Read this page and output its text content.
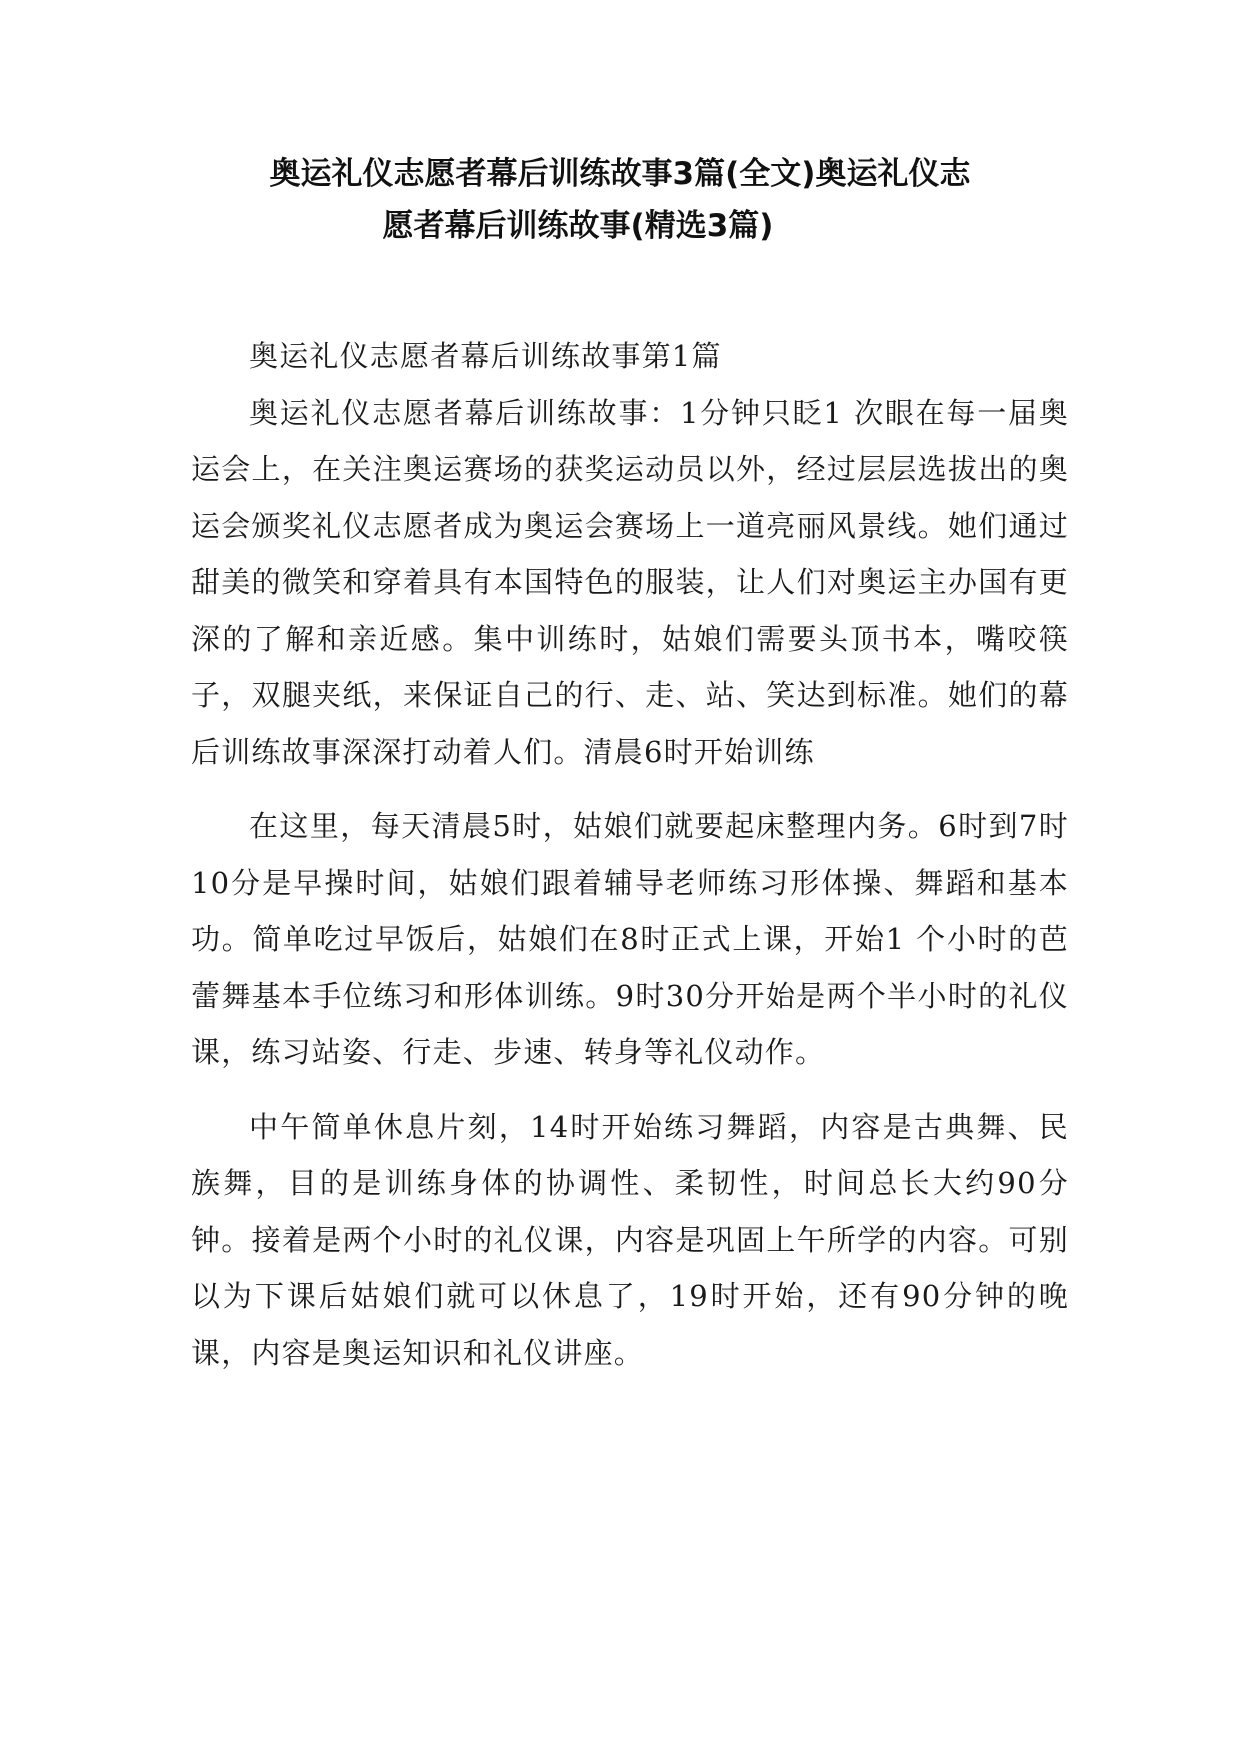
奥运礼仪志愿者幕后训练故事3篇(全文)奥运礼仪志
愿者幕后训练故事(精选3篇)

奥运礼仪志愿者幕后训练故事第1篇

奥运礼仪志愿者幕后训练故事：1分钟只眨1 次眼在每一届奥运会上，在关注奥运赛场的获奖运动员以外，经过层层选拔出的奥运会颁奖礼仪志愿者成为奥运会赛场上一道亮丽风景线。她们通过甜美的微笑和穿着具有本国特色的服装，让人们对奥运主办国有更深的了解和亲近感。集中训练时，姑娘们需要头顶书本，嘴咬筷子，双腿夹纸，来保证自己的行、走、站、笑达到标准。她们的幕后训练故事深深打动着人们。清晨6时开始训练

在这里，每天清晨5时，姑娘们就要起床整理内务。6时到7时10分是早操时间，姑娘们跟着辅导老师练习形体操、舞蹈和基本功。简单吃过早饭后，姑娘们在8时正式上课，开始1 个小时的芭蕾舞基本手位练习和形体训练。9时30分开始是两个半小时的礼仪课，练习站姿、行走、步速、转身等礼仪动作。

中午简单休息片刻，14时开始练习舞蹈，内容是古典舞、民族舞，目的是训练身体的协调性、柔韧性，时间总长大约90分钟。接着是两个小时的礼仪课，内容是巩固上午所学的内容。可别以为下课后姑娘们就可以休息了，19时开始，还有90分钟的晚课，内容是奥运知识和礼仪讲座。
